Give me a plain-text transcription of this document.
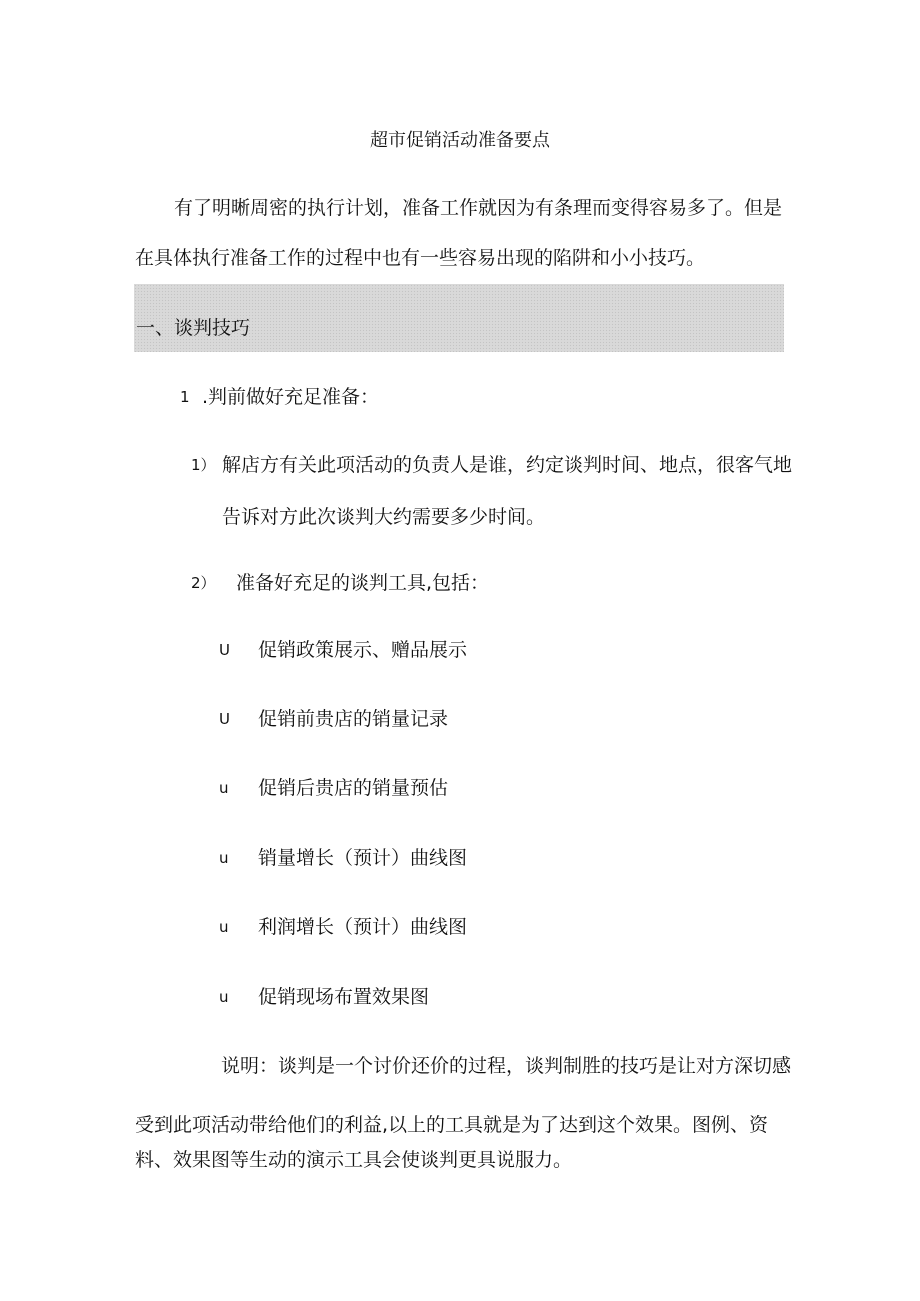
超市促销活动准备要点
有了明晰周密的执行计划，准备工作就因为有条理而变得容易多了。但是
在具体执行准备工作的过程中也有一些容易出现的陷阱和小小技巧。
一、谈判技巧
1 .判前做好充足准备：
1） 解店方有关此项活动的负责人是谁，约定谈判时间、地点，很客气地
告诉对方此次谈判大约需要多少时间。
2） 准备好充足的谈判工具,包括：
U 促销政策展示、赠品展示
U 促销前贵店的销量记录
u 促销后贵店的销量预估
u 销量增长（预计）曲线图
u 利润增长（预计）曲线图
u 促销现场布置效果图
说明：谈判是一个讨价还价的过程，谈判制胜的技巧是让对方深切感
受到此项活动带给他们的利益,以上的工具就是为了达到这个效果。图例、资
料、效果图等生动的演示工具会使谈判更具说服力。
